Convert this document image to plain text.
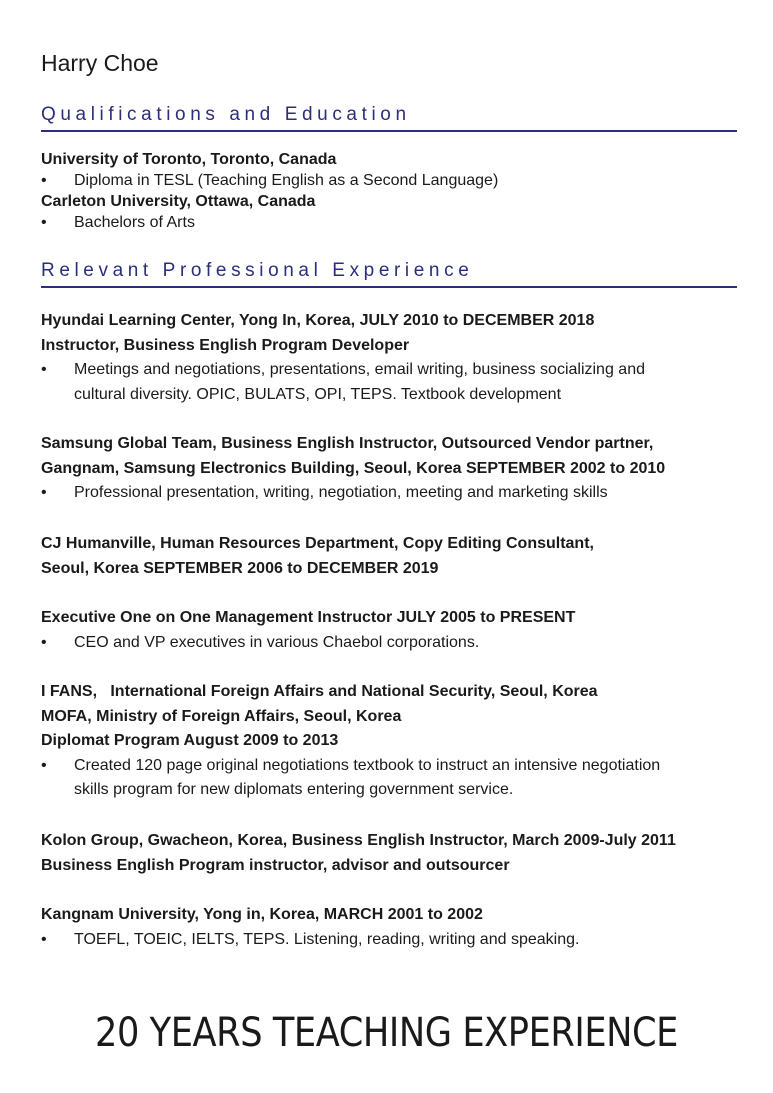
Harry Choe
Qualifications and Education
University of Toronto, Toronto, Canada
• Diploma in TESL (Teaching English as a Second Language)
Carleton University, Ottawa, Canada
• Bachelors of Arts
Relevant Professional Experience
Hyundai Learning Center, Yong In, Korea, JULY 2010 to DECEMBER 2018
Instructor, Business English Program Developer
• Meetings and negotiations, presentations, email writing, business socializing and
cultural diversity. OPIC, BULATS, OPI, TEPS. Textbook development
Samsung Global Team, Business English Instructor, Outsourced Vendor partner,
Gangnam, Samsung Electronics Building, Seoul, Korea SEPTEMBER 2002 to 2010
• Professional presentation, writing, negotiation, meeting and marketing skills
CJ Humanville, Human Resources Department, Copy Editing Consultant,
Seoul, Korea SEPTEMBER 2006 to DECEMBER 2019
Executive One on One Management Instructor JULY 2005 to PRESENT
• CEO and VP executives in various Chaebol corporations.
I FANS,   International Foreign Affairs and National Security, Seoul, Korea
MOFA, Ministry of Foreign Affairs, Seoul, Korea
Diplomat Program August 2009 to 2013
• Created 120 page original negotiations textbook to instruct an intensive negotiation
skills program for new diplomats entering government service.
Kolon Group, Gwacheon, Korea, Business English Instructor, March 2009-July 2011
Business English Program instructor, advisor and outsourcer
Kangnam University, Yong in, Korea, MARCH 2001 to 2002
• TOEFL, TOEIC, IELTS, TEPS. Listening, reading, writing and speaking.
20 YEARS TEACHING EXPERIENCE
